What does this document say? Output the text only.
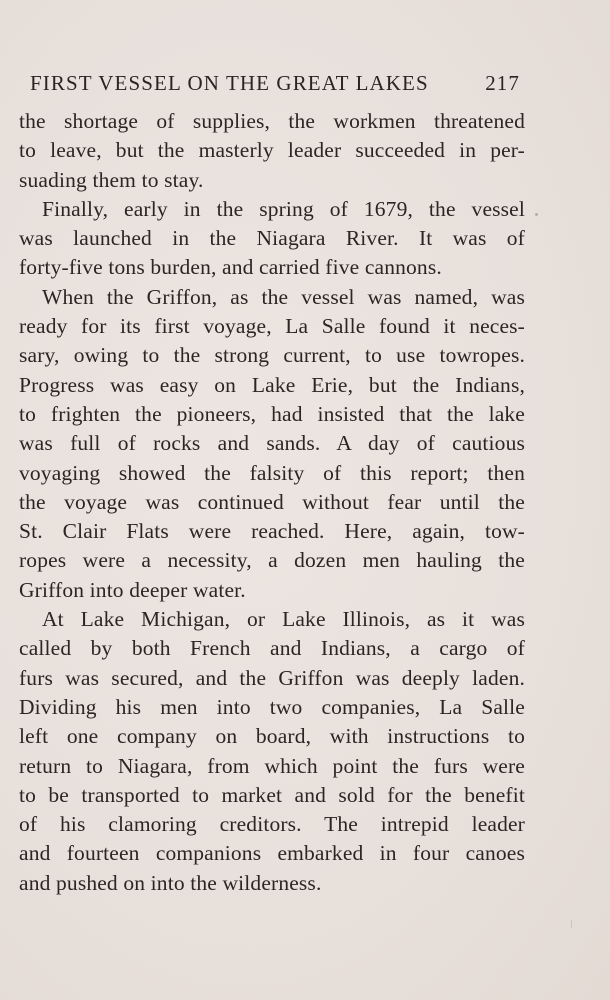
FIRST VESSEL ON THE GREAT LAKES	217
the shortage of supplies, the workmen threatened
to leave, but the masterly leader succeeded in per-
suading them to stay.
Finally, early in the spring of 1679, the vessel
was launched in the Niagara River. It was of
forty-five tons burden, and carried five cannons.
When the Griffon, as the vessel was named, was
ready for its first voyage, La Salle found it neces-
sary, owing to the strong current, to use towropes.
Progress was easy on Lake Erie, but the Indians,
to frighten the pioneers, had insisted that the lake
was full of rocks and sands. A day of cautious
voyaging showed the falsity of this report; then
the voyage was continued without fear until the
St. Clair Flats were reached. Here, again, tow-
ropes were a necessity, a dozen men hauling the
Griffon into deeper water.
At Lake Michigan, or Lake Illinois, as it was
called by both French and Indians, a cargo of
furs was secured, and the Griffon was deeply laden.
Dividing his men into two companies, La Salle
left one company on board, with instructions to
return to Niagara, from which point the furs were
to be transported to market and sold for the benefit
of his clamoring creditors. The intrepid leader
and fourteen companions embarked in four canoes
and pushed on into the wilderness.
